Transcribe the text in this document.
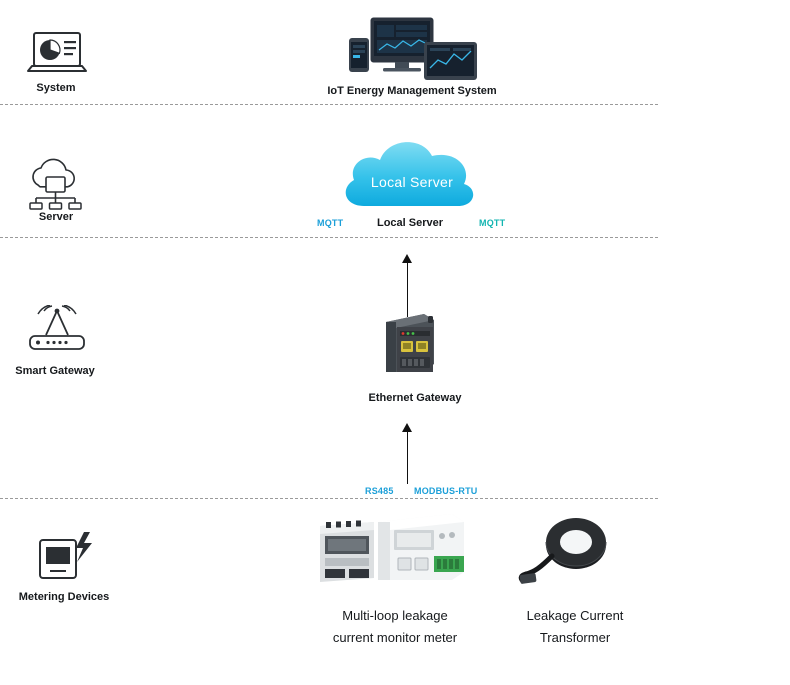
System	IoT Energy Management System
Server
Local Server
Local Server
MQTT	MQTT
Smart Gateway
Ethernet Gateway
RS485 MODBUS-RTU
Metering Devices
Multi-loop leakage
current monitor meter
Leakage Current
Transformer
